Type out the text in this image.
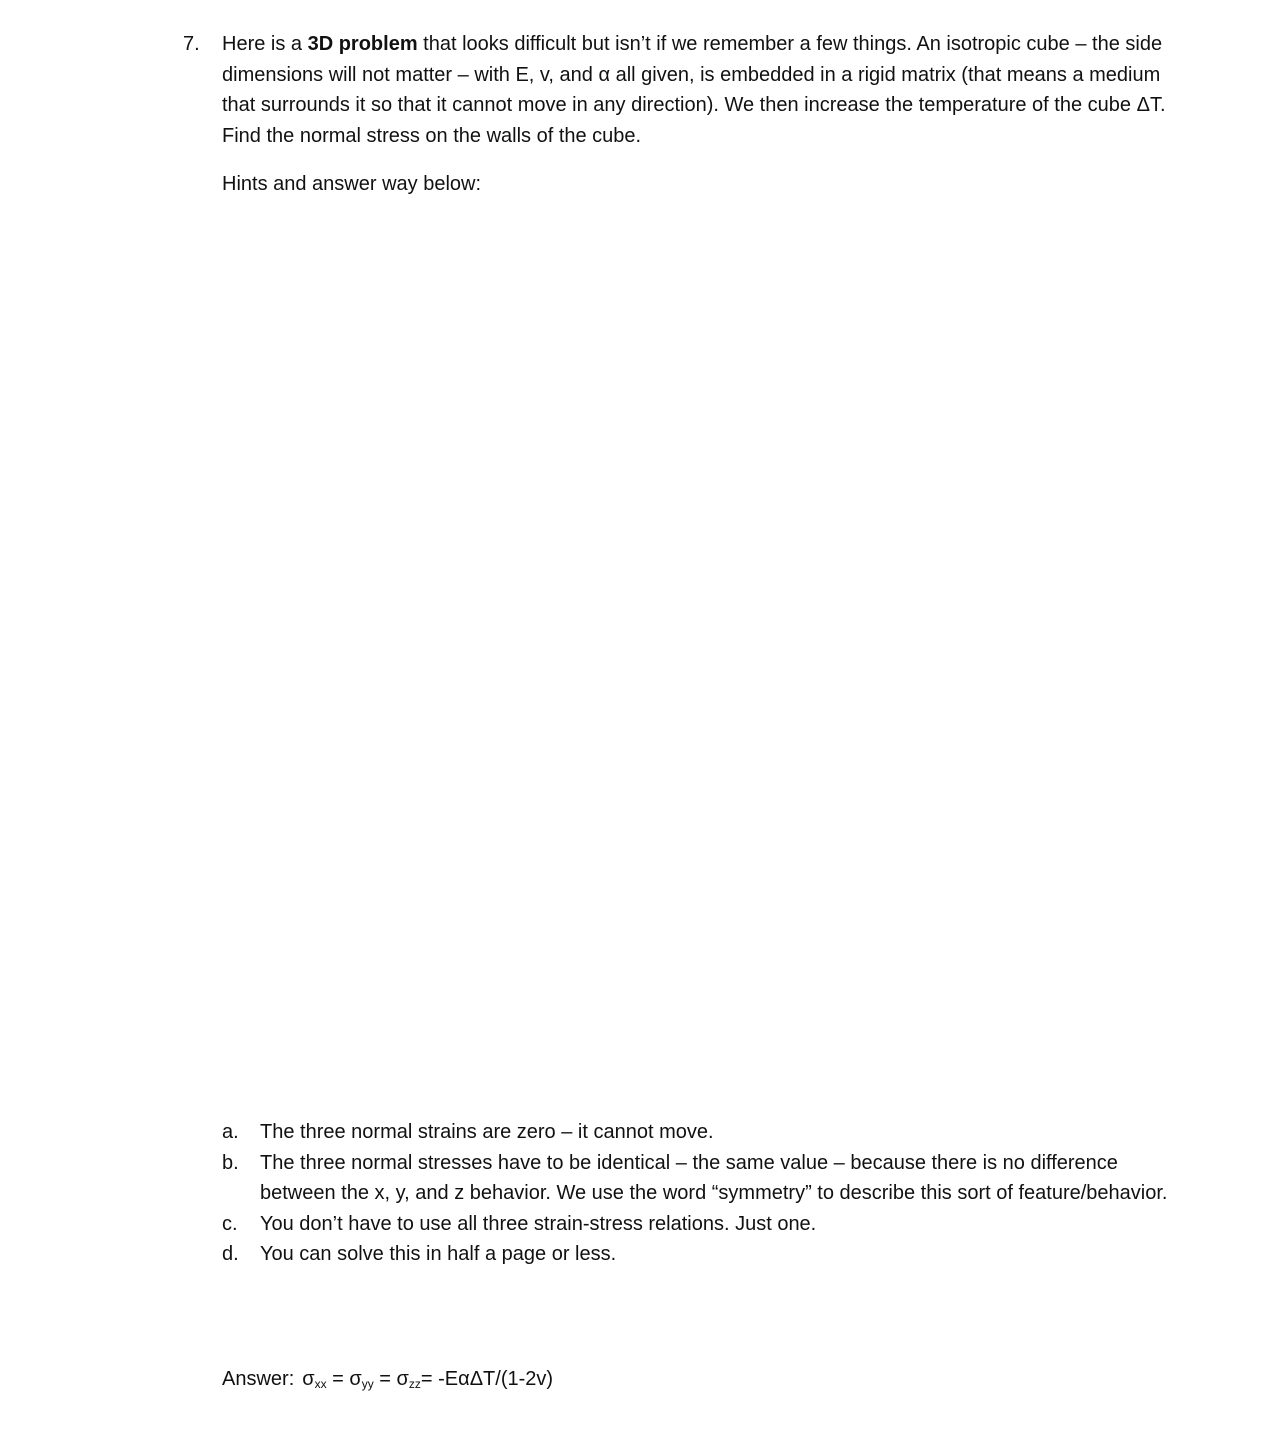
7. Here is a 3D problem that looks difficult but isn’t if we remember a few things. An isotropic cube – the side dimensions will not matter – with E, v, and α all given, is embedded in a rigid matrix (that means a medium that surrounds it so that it cannot move in any direction). We then increase the temperature of the cube ΔT. Find the normal stress on the walls of the cube.
Hints and answer way below:
a. The three normal strains are zero – it cannot move.
b. The three normal stresses have to be identical – the same value – because there is no difference between the x, y, and z behavior. We use the word “symmetry” to describe this sort of feature/behavior.
c. You don’t have to use all three strain-stress relations. Just one.
d. You can solve this in half a page or less.
Answer: $\sigma_{xx} = \sigma_{yy} = \sigma_{zz}= -E\alpha\Delta T/(1-2v)$
